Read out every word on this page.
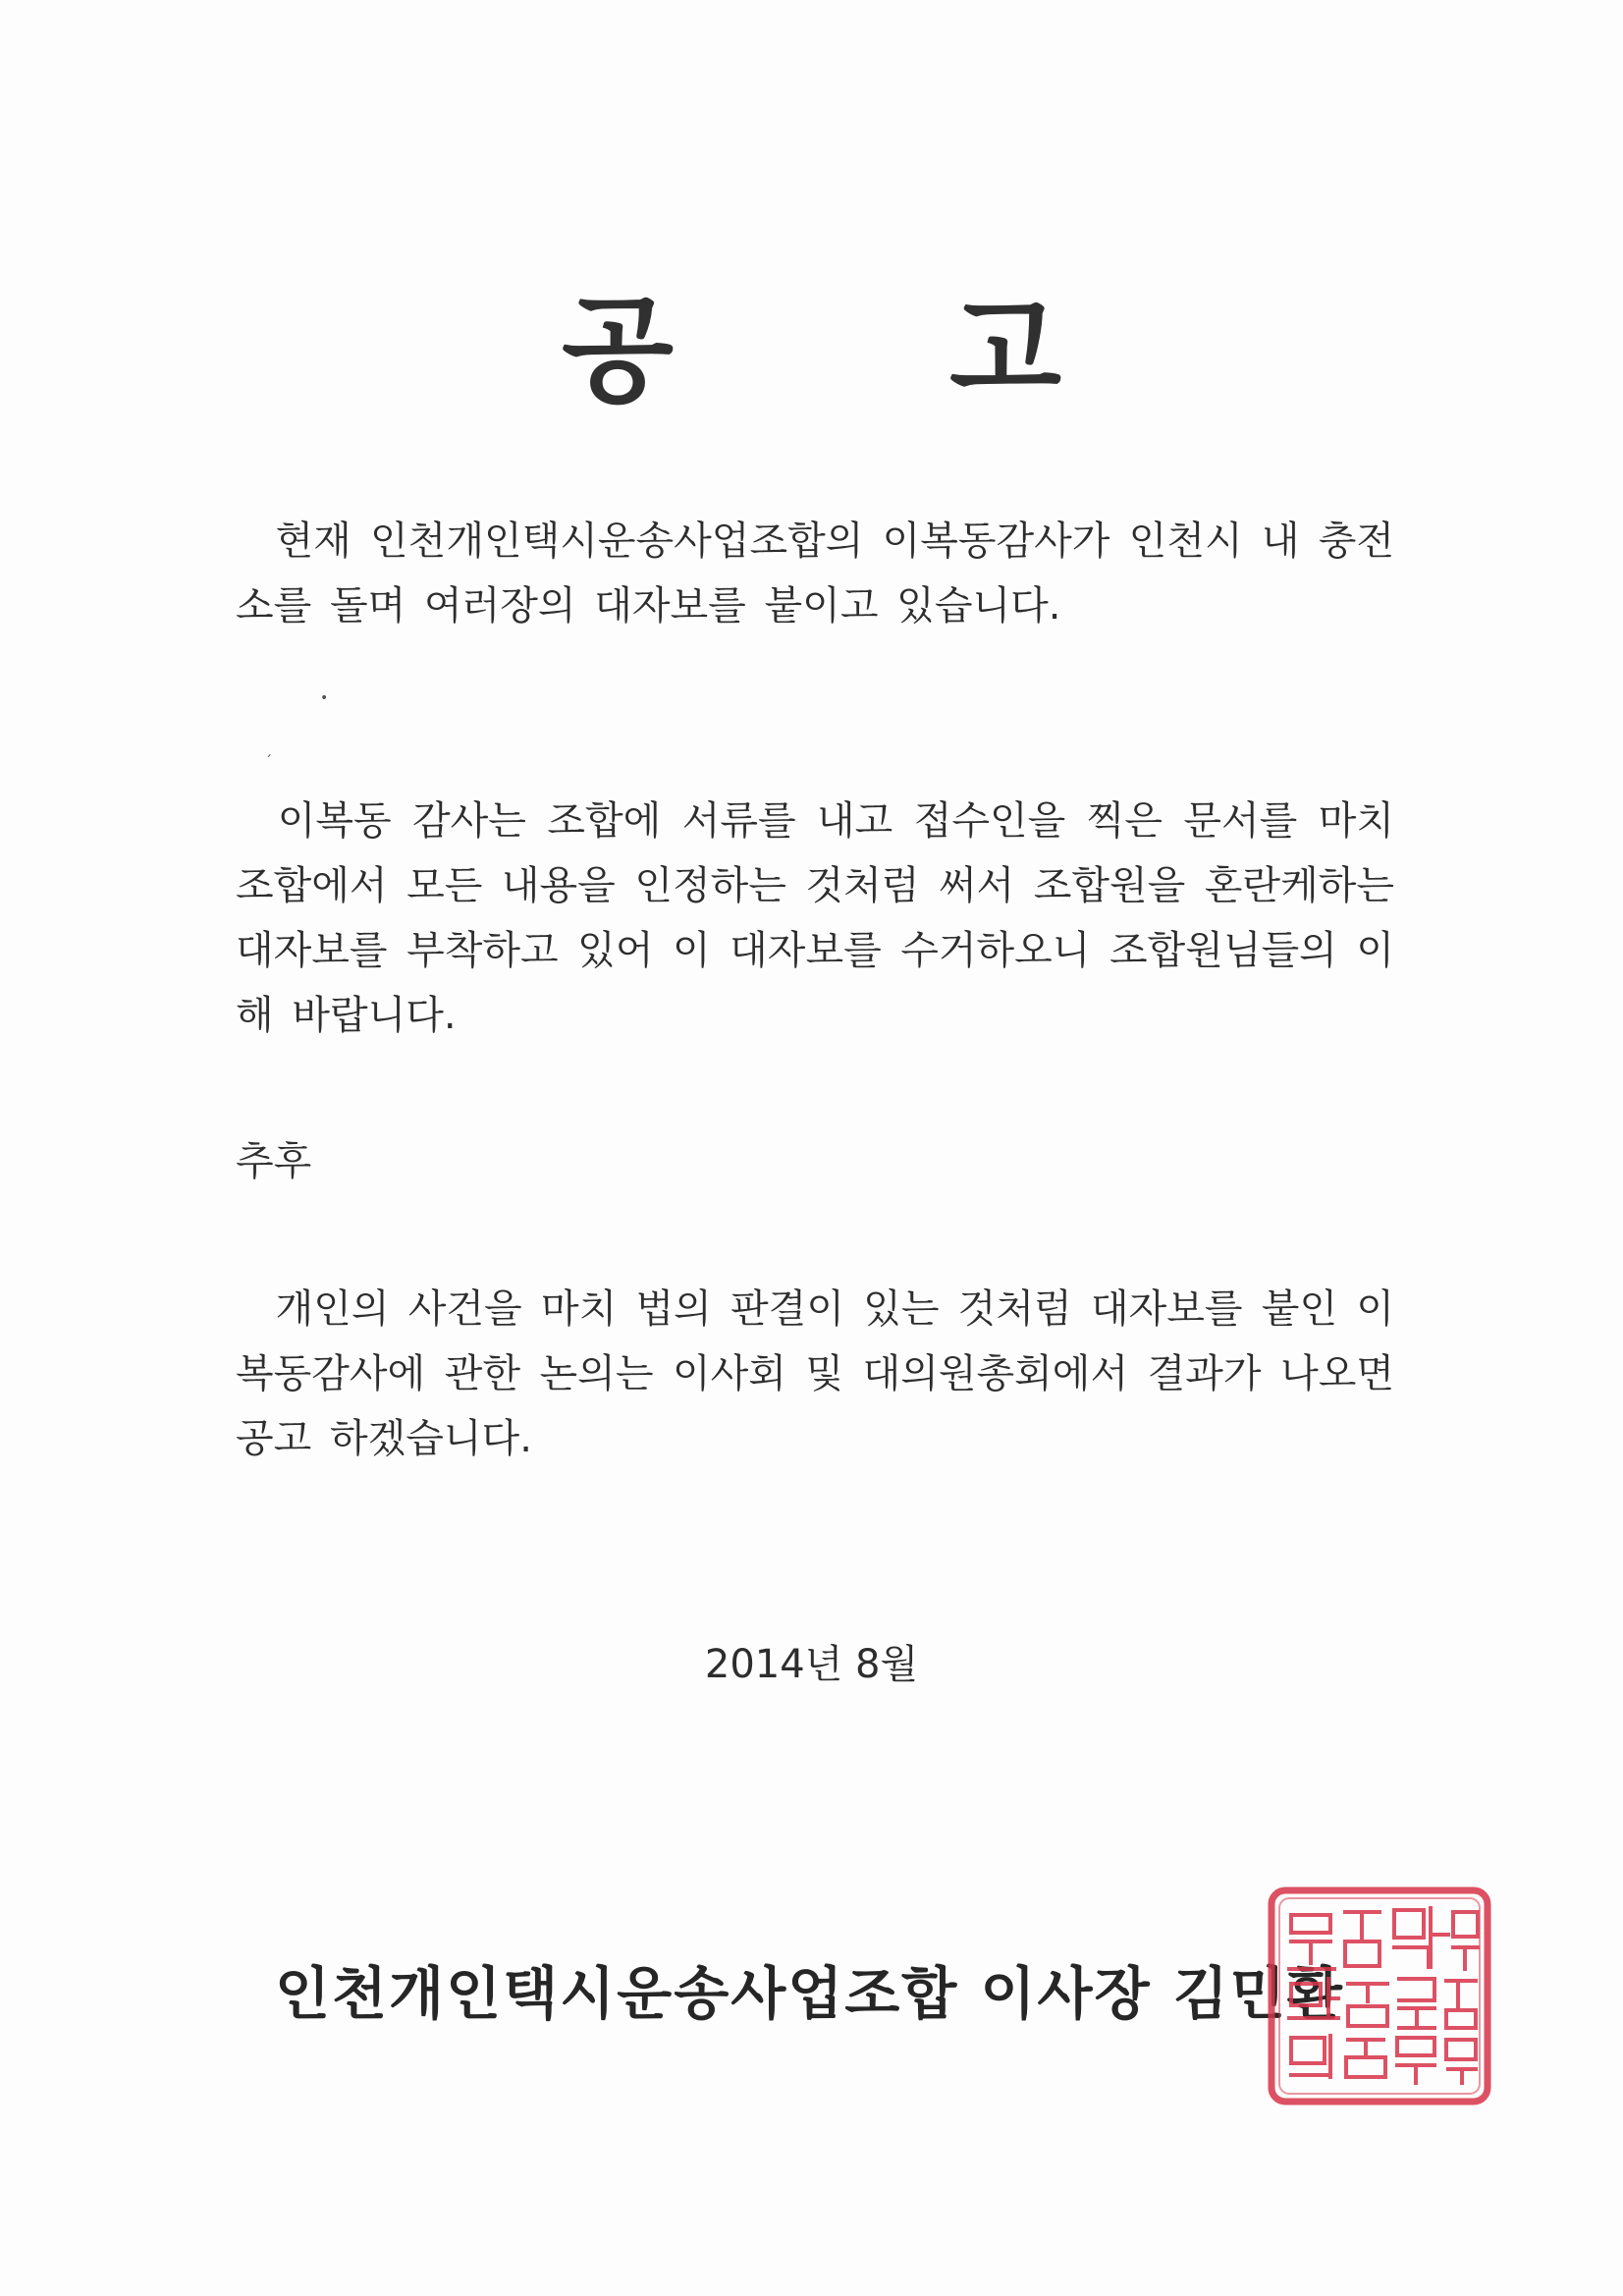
공 고

　현재 인천개인택시운송사업조합의 이복동감사가 인천시 내 충전소를 돌며 여러장의 대자보를 붙이고 있습니다.

•
ˊ

　이복동 감사는 조합에 서류를 내고 접수인을 찍은 문서를 마치 조합에서 모든 내용을 인정하는 것처럼 써서 조합원을 혼란케하는 대자보를 부착하고 있어 이 대자보를 수거하오니 조합원님들의 이해 바랍니다.

추후

　개인의 사건을 마치 법의 판결이 있는 것처럼 대자보를 붙인 이복동감사에 관한 논의는 이사회 및 대의원총회에서 결과가 나오면 공고 하겠습니다.

2014년 8월

인천개인택시운송사업조합 이사장 김민환	인천광역시개인택시운송사업조합인
